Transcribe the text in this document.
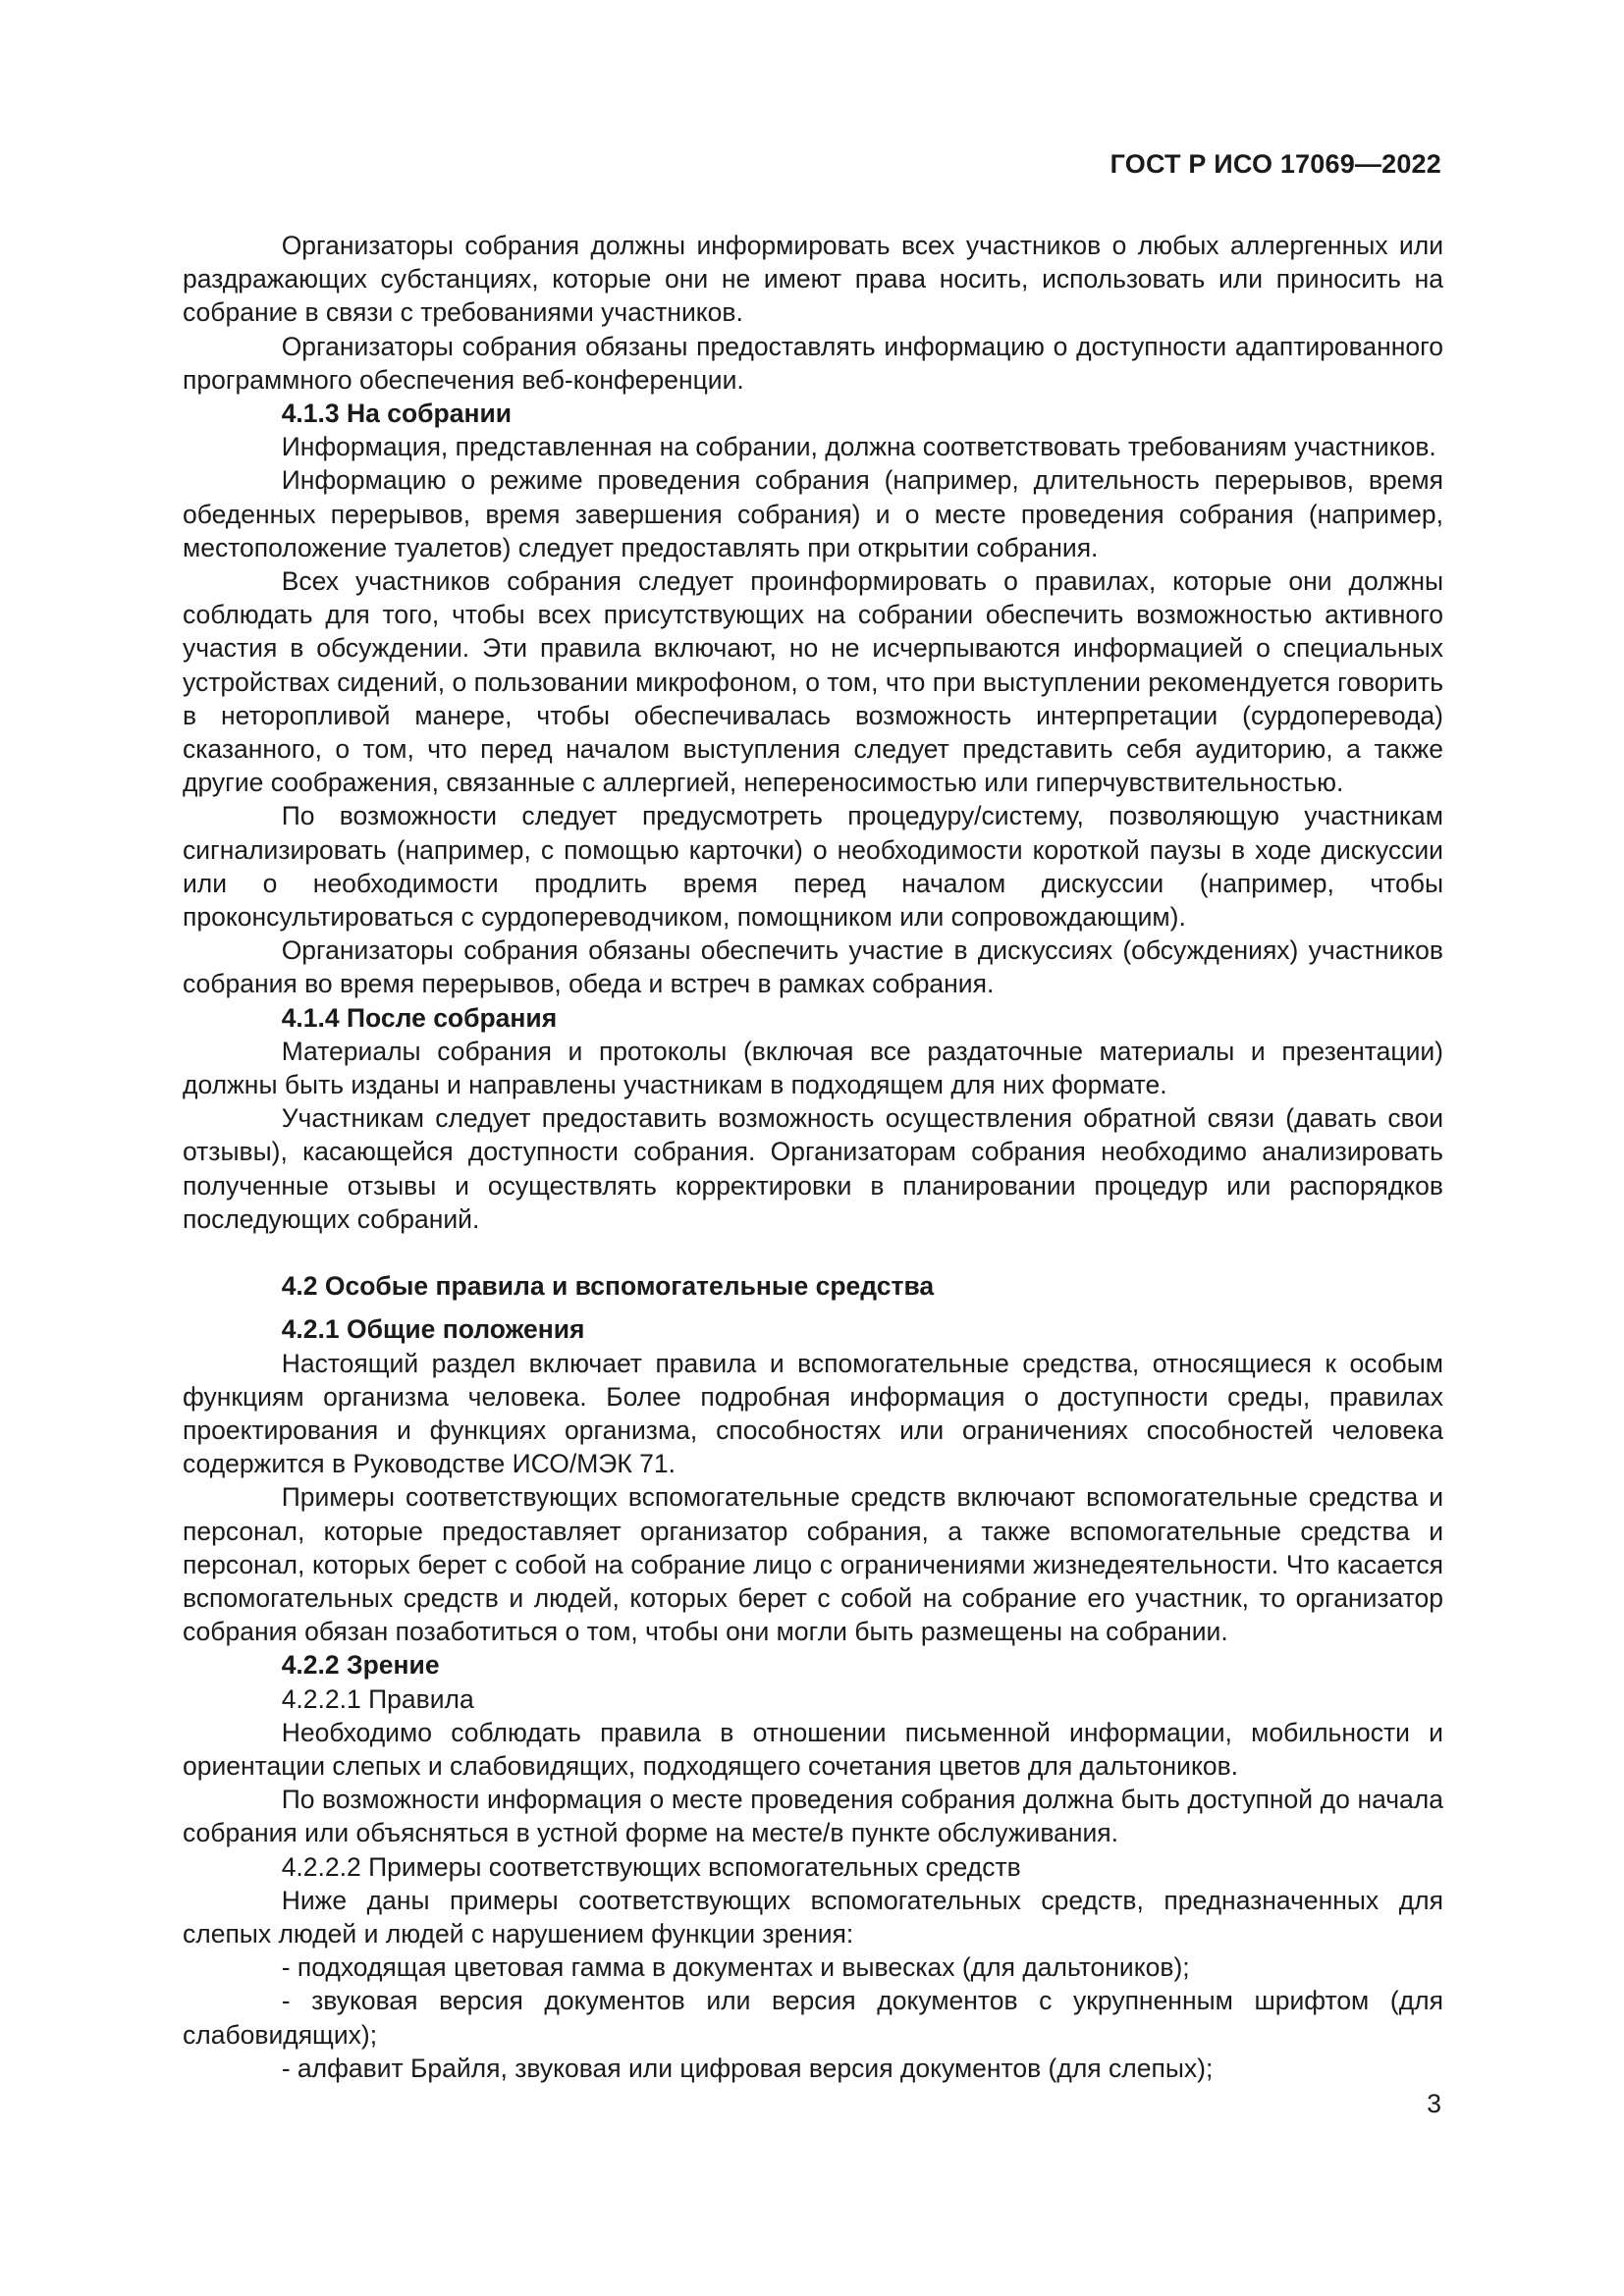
ГОСТ Р ИСО 17069—2022

Организаторы собрания должны информировать всех участников о любых аллергенных или раздражающих субстанциях, которые они не имеют права носить, использовать или приносить на собрание в связи с требованиями участников.

Организаторы собрания обязаны предоставлять информацию о доступности адаптированного программного обеспечения веб-конференции.

4.1.3 На собрании

Информация, представленная на собрании, должна соответствовать требованиям участников.

Информацию о режиме проведения собрания (например, длительность перерывов, время обеденных перерывов, время завершения собрания) и о месте проведения собрания (например, местоположение туалетов) следует предоставлять при открытии собрания.

Всех участников собрания следует проинформировать о правилах, которые они должны соблюдать для того, чтобы всех присутствующих на собрании обеспечить возможностью активного участия в обсуждении. Эти правила включают, но не исчерпываются информацией о специальных устройствах сидений, о пользовании микрофоном, о том, что при выступлении рекомендуется говорить в неторопливой манере, чтобы обеспечивалась возможность интерпретации (сурдоперевода) сказанного, о том, что перед началом выступления следует представить себя аудиторию, а также другие соображения, связанные с аллергией, непереносимостью или гиперчувствительностью.

По возможности следует предусмотреть процедуру/систему, позволяющую участникам сигнализировать (например, с помощью карточки) о необходимости короткой паузы в ходе дискуссии или о необходимости продлить время перед началом дискуссии (например, чтобы проконсультироваться с сурдопереводчиком, помощником или сопровождающим).

Организаторы собрания обязаны обеспечить участие в дискуссиях (обсуждениях) участников собрания во время перерывов, обеда и встреч в рамках собрания.

4.1.4 После собрания

Материалы собрания и протоколы (включая все раздаточные материалы и презентации) должны быть изданы и направлены участникам в подходящем для них формате.

Участникам следует предоставить возможность осуществления обратной связи (давать свои отзывы), касающейся доступности собрания. Организаторам собрания необходимо анализировать полученные отзывы и осуществлять корректировки в планировании процедур или распорядков последующих собраний.

4.2 Особые правила и вспомогательные средства

4.2.1 Общие положения

Настоящий раздел включает правила и вспомогательные средства, относящиеся к особым функциям организма человека. Более подробная информация о доступности среды, правилах проектирования и функциях организма, способностях или ограничениях способностей человека содержится в Руководстве ИСО/МЭК 71.

Примеры соответствующих вспомогательные средств включают вспомогательные средства и персонал, которые предоставляет организатор собрания, а также вспомогательные средства и персонал, которых берет с собой на собрание лицо с ограничениями жизнедеятельности. Что касается вспомогательных средств и людей, которых берет с собой на собрание его участник, то организатор собрания обязан позаботиться о том, чтобы они могли быть размещены на собрании.

4.2.2 Зрение

4.2.2.1 Правила

Необходимо соблюдать правила в отношении письменной информации, мобильности и ориентации слепых и слабовидящих, подходящего сочетания цветов для дальтоников.

По возможности информация о месте проведения собрания должна быть доступной до начала собрания или объясняться в устной форме на месте/в пункте обслуживания.

4.2.2.2 Примеры соответствующих вспомогательных средств

Ниже даны примеры соответствующих вспомогательных средств, предназначенных для слепых людей и людей с нарушением функции зрения:

- подходящая цветовая гамма в документах и вывесках (для дальтоников);

- звуковая версия документов или версия документов с укрупненным шрифтом (для слабовидящих);

- алфавит Брайля, звуковая или цифровая версия документов (для слепых);

3
